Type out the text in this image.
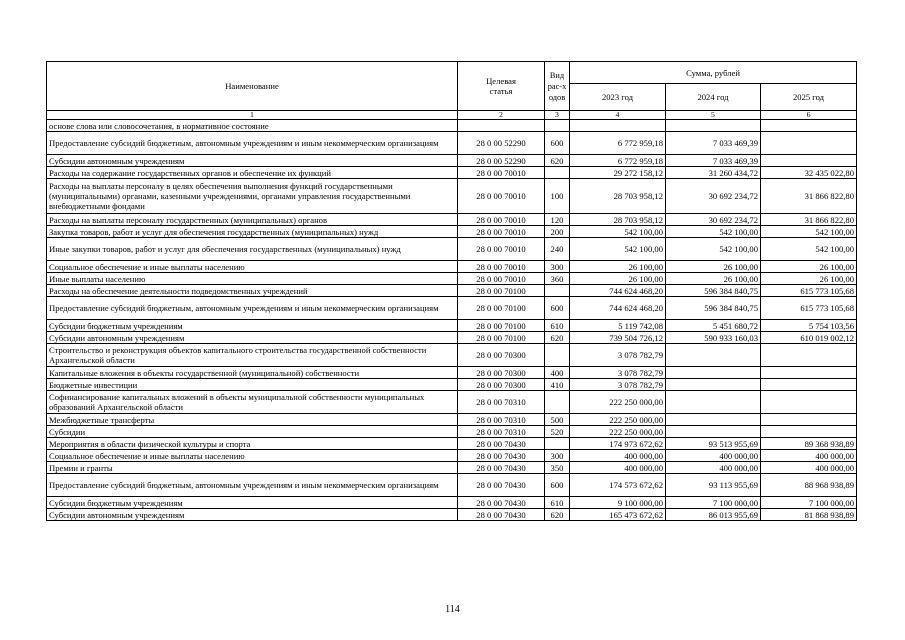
Наименование	Целевая статья	Вид рас-ходов	Сумма, рублей		
			2023 год	2024 год	2025 год
1	2	3	4	5	6
основе слова или словосочетания, в нормативное состояние					
Предоставление субсидий бюджетным, автономным учреждениям и иным некоммерческим организациям	28 0 00 52290	600	6 772 959,18	7 033 469,39	
Субсидии автономным учреждениям	28 0 00 52290	620	6 772 959,18	7 033 469,39	
Расходы на содержание государственных органов и обеспечение их функций	28 0 00 70010		29 272 158,12	31 260 434,72	32 435 022,80
Расходы на выплаты персоналу в целях обеспечения выполнения функций государственными (муниципальными) органами, казенными учреждениями, органами управления государственными внебюджетными фондами	28 0 00 70010	100	28 703 958,12	30 692 234,72	31 866 822,80
Расходы на выплаты персоналу государственных (муниципальных) органов	28 0 00 70010	120	28 703 958,12	30 692 234,72	31 866 822,80
Закупка товаров, работ и услуг для обеспечения государственных (муниципальных) нужд	28 0 00 70010	200	542 100,00	542 100,00	542 100,00
Иные закупки товаров, работ и услуг для обеспечения государственных (муниципальных) нужд	28 0 00 70010	240	542 100,00	542 100,00	542 100,00
Социальное обеспечение и иные выплаты населению	28 0 00 70010	300	26 100,00	26 100,00	26 100,00
Иные выплаты населению	28 0 00 70010	360	26 100,00	26 100,00	26 100,00
Расходы на обеспечение деятельности подведомственных учреждений	28 0 00 70100		744 624 468,20	596 384 840,75	615 773 105,68
Предоставление субсидий бюджетным, автономным учреждениям и иным некоммерческим организациям	28 0 00 70100	600	744 624 468,20	596 384 840,75	615 773 105,68
Субсидии бюджетным учреждениям	28 0 00 70100	610	5 119 742,08	5 451 680,72	5 754 103,56
Субсидии автономным учреждениям	28 0 00 70100	620	739 504 726,12	590 933 160,03	610 019 002,12
Строительство и реконструкция объектов капитального строительства государственной собственности Архангельской области	28 0 00 70300		3 078 782,79		
Капитальные вложения в объекты государственной (муниципальной) собственности	28 0 00 70300	400	3 078 782,79		
Бюджетные инвестиции	28 0 00 70300	410	3 078 782,79		
Софинансирование капитальных вложений в объекты муниципальной собственности муниципальных образований Архангельской области	28 0 00 70310		222 250 000,00		
Межбюджетные трансферты	28 0 00 70310	500	222 250 000,00		
Субсидии	28 0 00 70310	520	222 250 000,00		
Мероприятия в области физической культуры и спорта	28 0 00 70430		174 973 672,62	93 513 955,69	89 368 938,89
Социальное обеспечение и иные выплаты населению	28 0 00 70430	300	400 000,00	400 000,00	400 000,00
Премии и гранты	28 0 00 70430	350	400 000,00	400 000,00	400 000,00
Предоставление субсидий бюджетным, автономным учреждениям и иным некоммерческим организациям	28 0 00 70430	600	174 573 672,62	93 113 955,69	88 968 938,89
Субсидии бюджетным учреждениям	28 0 00 70430	610	9 100 000,00	7 100 000,00	7 100 000,00
Субсидии автономным учреждениям	28 0 00 70430	620	165 473 672,62	86 013 955,69	81 868 938,89
114
